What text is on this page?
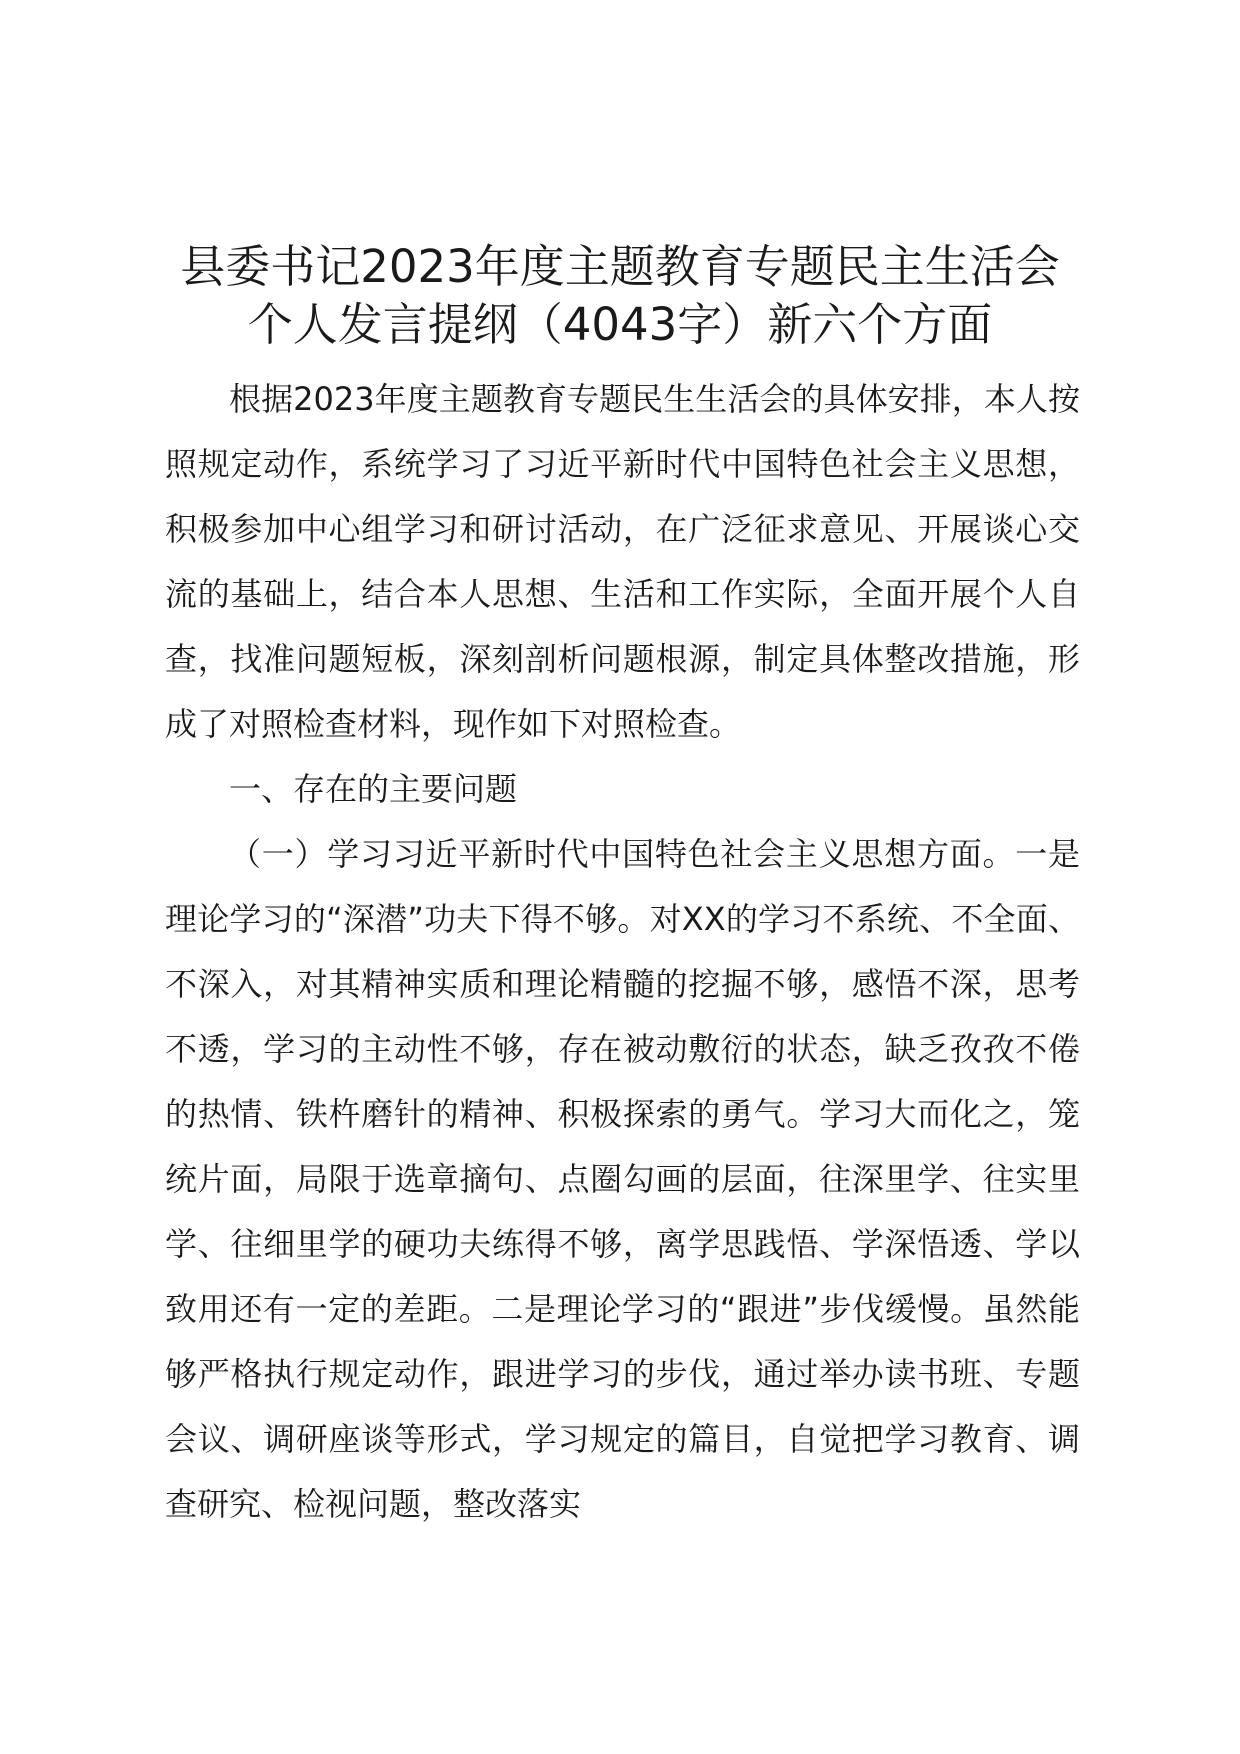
县委书记2023年度主题教育专题民主生活会
个人发言提纲（4043字）新六个方面

根据2023年度主题教育专题民生生活会的具体安排，本人按照规定动作，系统学习了习近平新时代中国特色社会主义思想，积极参加中心组学习和研讨活动，在广泛征求意见、开展谈心交流的基础上，结合本人思想、生活和工作实际，全面开展个人自查，找准问题短板，深刻剖析问题根源，制定具体整改措施，形成了对照检查材料，现作如下对照检查。

一、存在的主要问题

（一）学习习近平新时代中国特色社会主义思想方面。一是理论学习的“深潜”功夫下得不够。对XX的学习不系统、不全面、不深入，对其精神实质和理论精髓的挖掘不够，感悟不深，思考不透，学习的主动性不够，存在被动敷衍的状态，缺乏孜孜不倦的热情、铁杵磨针的精神、积极探索的勇气。学习大而化之，笼统片面，局限于选章摘句、点圈勾画的层面，往深里学、往实里学、往细里学的硬功夫练得不够，离学思践悟、学深悟透、学以致用还有一定的差距。二是理论学习的“跟进”步伐缓慢。虽然能够严格执行规定动作，跟进学习的步伐，通过举办读书班、专题会议、调研座谈等形式，学习规定的篇目，自觉把学习教育、调查研究、检视问题，整改落实
